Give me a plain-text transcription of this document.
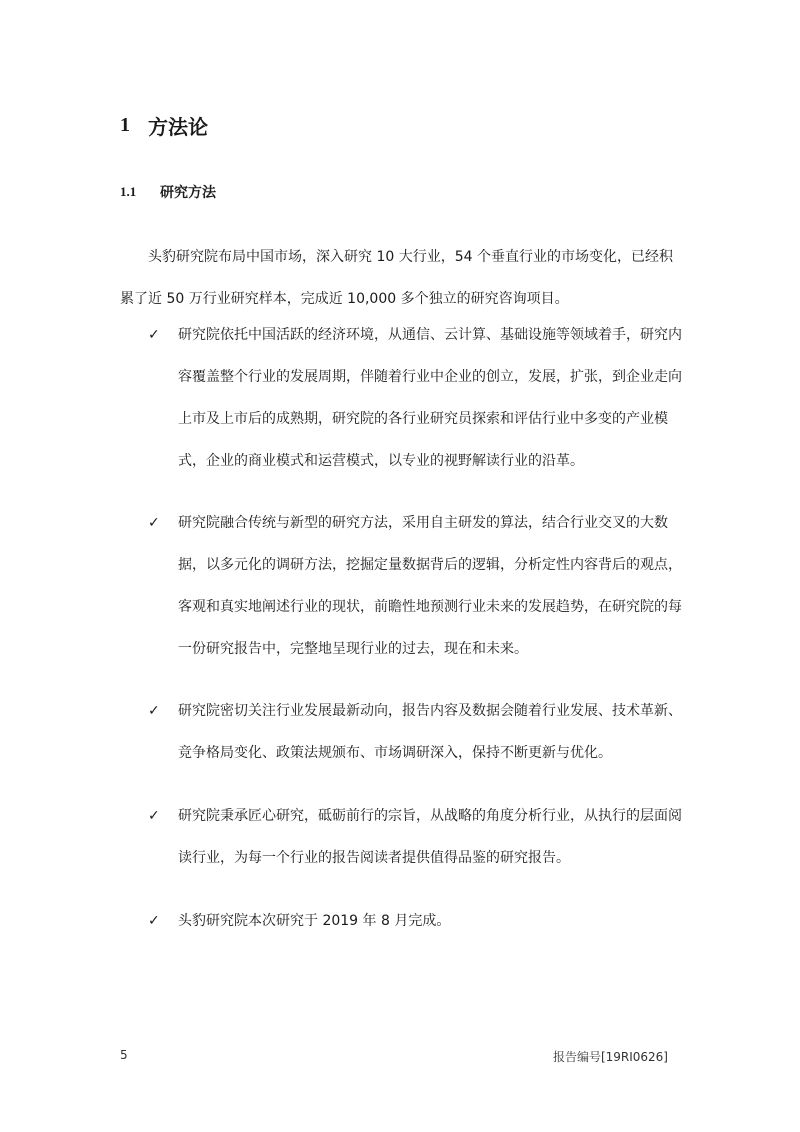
1 方法论
1.1	研究方法

头豹研究院布局中国市场，深入研究 10 大行业，54 个垂直行业的市场变化，已经积累了近 50 万行业研究样本，完成近 10,000 多个独立的研究咨询项目。

✓	研究院依托中国活跃的经济环境，从通信、云计算、基础设施等领域着手，研究内容覆盖整个行业的发展周期，伴随着行业中企业的创立，发展，扩张，到企业走向上市及上市后的成熟期，研究院的各行业研究员探索和评估行业中多变的产业模式，企业的商业模式和运营模式，以专业的视野解读行业的沿革。
✓	研究院融合传统与新型的研究方法，采用自主研发的算法，结合行业交叉的大数据，以多元化的调研方法，挖掘定量数据背后的逻辑，分析定性内容背后的观点，客观和真实地阐述行业的现状，前瞻性地预测行业未来的发展趋势，在研究院的每一份研究报告中，完整地呈现行业的过去，现在和未来。
✓	研究院密切关注行业发展最新动向，报告内容及数据会随着行业发展、技术革新、竞争格局变化、政策法规颁布、市场调研深入，保持不断更新与优化。
✓	研究院秉承匠心研究，砥砺前行的宗旨，从战略的角度分析行业，从执行的层面阅读行业，为每一个行业的报告阅读者提供值得品鉴的研究报告。
✓	头豹研究院本次研究于 2019 年 8 月完成。
5	报告编号[19RI0626]
